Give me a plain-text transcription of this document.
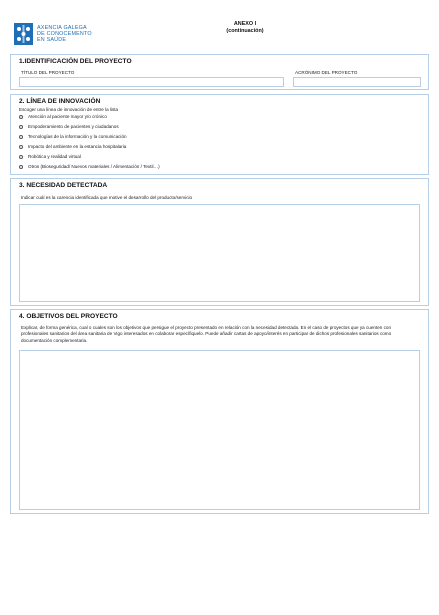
AXENCIA GALEGA
DE CONOCEMENTO
EN SAÚDE
ANEXO I
(continuación)
1.IDENTIFICACIÓN DEL PROYECTO
TÍTULO DEL PROYECTO	ACRÓNIMO DEL PROYECTO
2. LÍNEA DE INNOVACIÓN
Escoger una línea de innovación de entre la lista
Atención al paciente mayor y/o crónico
Empoderamiento de pacientes y ciudadanos
Tecnologías de la información y la comunicación
Impacto del ambiente en la estancia hospitalaria
Robótica y realidad virtual
Otros (Bioseguridad/ Nuevos materiales / Alimentación / Textil…)
3. NECESIDAD DETECTADA
Indicar cuál es la carencia identificada que motive el desarrollo del producto/servicio
4. OBJETIVOS DEL PROYECTO
Explicar, de forma genérica, cual o cuales son los objetivos que persigue el proyecto presentado en relación con la necesidad detectada. En el caso de proyectos que ya cuenten con profesionales sanitarios del área sanitaria de Vigo interesados en colaborar específiquelo. Puede añadir cartas de apoyo/interés en participar de dichos profesionales sanitarios como documentación complementaria.
